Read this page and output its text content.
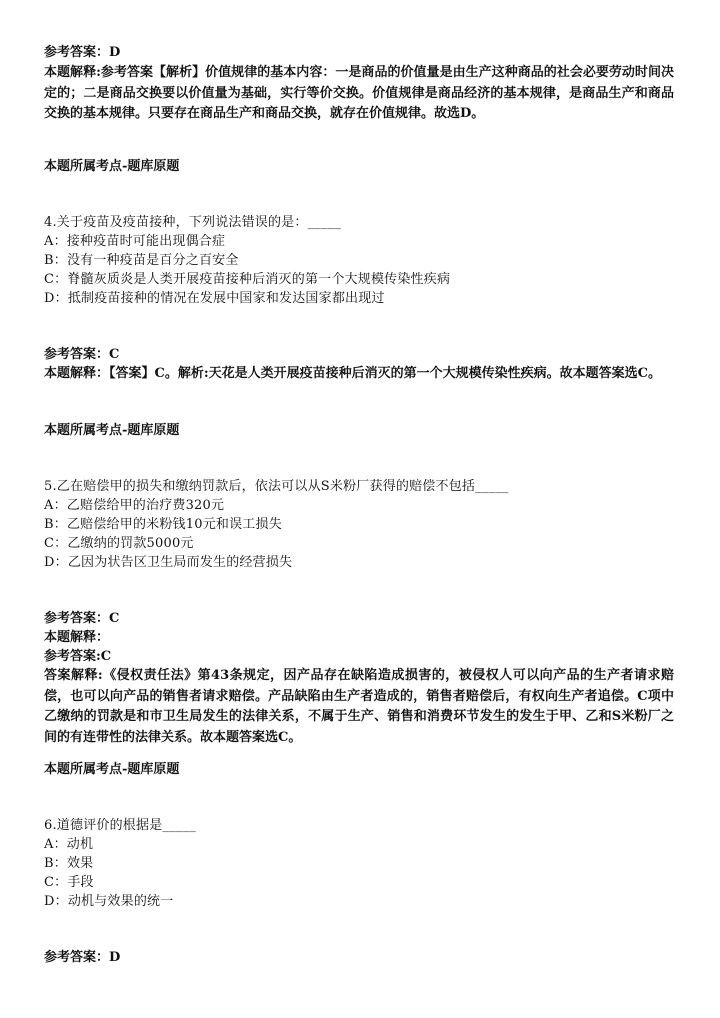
参考答案：D
本题解释:参考答案【解析】价值规律的基本内容：一是商品的价值量是由生产这种商品的社会必要劳动时间决定的；二是商品交换要以价值量为基础，实行等价交换。价值规律是商品经济的基本规律，是商品生产和商品交换的基本规律。只要存在商品生产和商品交换，就存在价值规律。故选D。
本题所属考点-题库原题
4.关于疫苗及疫苗接种，下列说法错误的是：_____
A：接种疫苗时可能出现偶合症
B：没有一种疫苗是百分之百安全
C：脊髓灰质炎是人类开展疫苗接种后消灭的第一个大规模传染性疾病
D：抵制疫苗接种的情况在发展中国家和发达国家都出现过
参考答案：C
本题解释：【答案】C。解析:天花是人类开展疫苗接种后消灭的第一个大规模传染性疾病。故本题答案选C。
本题所属考点-题库原题
5.乙在赔偿甲的损失和缴纳罚款后，依法可以从S米粉厂获得的赔偿不包括_____
A：乙赔偿给甲的治疗费320元
B：乙赔偿给甲的米粉钱10元和误工损失
C：乙缴纳的罚款5000元
D：乙因为状告区卫生局而发生的经营损失
参考答案：C
本题解释：
参考答案:C
答案解释:《侵权责任法》第43条规定，因产品存在缺陷造成损害的，被侵权人可以向产品的生产者请求赔偿，也可以向产品的销售者请求赔偿。产品缺陷由生产者造成的，销售者赔偿后，有权向生产者追偿。C项中乙缴纳的罚款是和市卫生局发生的法律关系，不属于生产、销售和消费环节发生的发生于甲、乙和S米粉厂之间的有连带性的法律关系。故本题答案选C。
本题所属考点-题库原题
6.道德评价的根据是_____
A：动机
B：效果
C：手段
D：动机与效果的统一
参考答案：D
